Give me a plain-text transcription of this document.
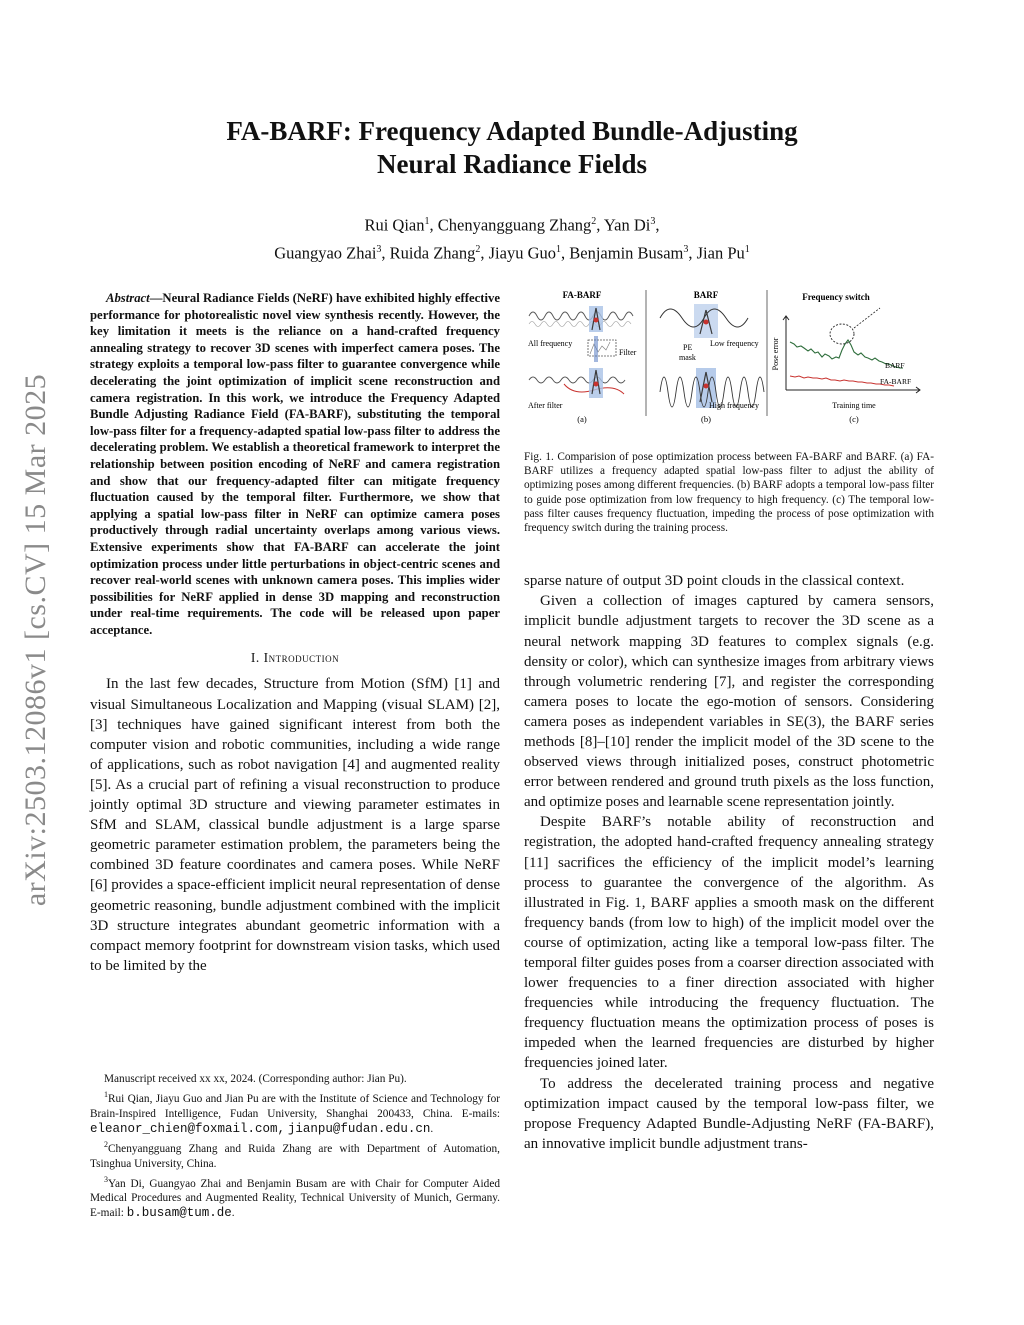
arXiv:2503.12086v1 [cs.CV] 15 Mar 2025
FA-BARF: Frequency Adapted Bundle-Adjusting
Neural Radiance Fields
Rui Qian$^1$, Chenyangguang Zhang$^2$, Yan Di$^3$,
Guangyao Zhai$^3$, Ruida Zhang$^2$, Jiayu Guo$^1$, Benjamin Busam$^3$, Jian Pu$^1$

Abstract—Neural Radiance Fields (NeRF) have exhibited highly effective performance for photorealistic novel view synthesis recently. However, the key limitation it meets is the reliance on a hand-crafted frequency annealing strategy to recover 3D scenes with imperfect camera poses. The strategy exploits a temporal low-pass filter to guarantee convergence while decelerating the joint optimization of implicit scene reconstruction and camera registration. In this work, we introduce the Frequency Adapted Bundle Adjusting Radiance Field (FA-BARF), substituting the temporal low-pass filter for a frequency-adapted spatial low-pass filter to address the decelerating problem. We establish a theoretical framework to interpret the relationship between position encoding of NeRF and camera registration and show that our frequency-adapted filter can mitigate frequency fluctuation caused by the temporal filter. Furthermore, we show that applying a spatial low-pass filter in NeRF can optimize camera poses productively through radial uncertainty overlaps among various views. Extensive experiments show that FA-BARF can accelerate the joint optimization process under little perturbations in object-centric scenes and recover real-world scenes with unknown camera poses. This implies wider possibilities for NeRF applied in dense 3D mapping and reconstruction under real-time requirements. The code will be released upon paper acceptance.

I. Introduction

In the last few decades, Structure from Motion (SfM) [1] and visual Simultaneous Localization and Mapping (visual SLAM) [2], [3] techniques have gained significant interest from both the computer vision and robotic communities, including a wide range of applications, such as robot navigation [4] and augmented reality [5]. As a crucial part of refining a visual reconstruction to produce jointly optimal 3D structure and viewing parameter estimates in SfM and SLAM, classical bundle adjustment is a large sparse geometric parameter estimation problem, the parameters being the combined 3D feature coordinates and camera poses. While NeRF [6] provides a space-efficient implicit neural representation of dense geometric reasoning, bundle adjustment combined with the implicit 3D structure integrates abundant geometric information with a compact memory footprint for downstream vision tasks, which used to be limited by the

Manuscript received xx xx, 2024. (Corresponding author: Jian Pu).

$^1$Rui Qian, Jiayu Guo and Jian Pu are with the Institute of Science and Technology for Brain-Inspired Intelligence, Fudan University, Shanghai 200433, China. E-mails: eleanor_chien@foxmail.com, jianpu@fudan.edu.cn.

$^2$Chenyangguang Zhang and Ruida Zhang are with Department of Automation, Tsinghua University, China.

$^3$Yan Di, Guangyao Zhai and Benjamin Busam are with Chair for Computer Aided Medical Procedures and Augmented Reality, Technical University of Munich, Germany. E-mail: b.busam@tum.de.

FA-BARF
All frequency
Filter
After filter
(a)
BARF
PE
mask
Low frequency
High frequency
(b)
Frequency switch
Pose error	BARF
FA-BARF
Training time
(c)
Fig. 1. Comparision of pose optimization process between FA-BARF and BARF. (a) FA-BARF utilizes a frequency adapted spatial low-pass filter to adjust the ability of optimizing poses among different frequencies. (b) BARF adopts a temporal low-pass filter to guide pose optimization from low frequency to high frequency. (c) The temporal low-pass filter causes frequency fluctuation, impeding the process of pose optimization with frequency switch during the training process.

sparse nature of output 3D point clouds in the classical context.

Given a collection of images captured by camera sensors, implicit bundle adjustment targets to recover the 3D scene as a neural network mapping 3D features to complex signals (e.g. density or color), which can synthesize images from arbitrary views through volumetric rendering [7], and register the corresponding camera poses to locate the ego-motion of sensors. Considering camera poses as independent variables in SE(3), the BARF series methods [8]–[10] render the implicit model of the 3D scene to the observed views through initialized poses, construct photometric error between rendered and ground truth pixels as the loss function, and optimize poses and learnable scene representation jointly.

Despite BARF’s notable ability of reconstruction and registration, the adopted hand-crafted frequency annealing strategy [11] sacrifices the efficiency of the implicit model’s learning process to guarantee the convergence of the algorithm. As illustrated in Fig. 1, BARF applies a smooth mask on the different frequency bands (from low to high) of the implicit model over the course of optimization, acting like a temporal low-pass filter. The temporal filter guides poses from a coarser direction associated with lower frequencies to a finer direction associated with higher frequencies while introducing the frequency fluctuation. The frequency fluctuation means the optimization process of poses is impeded when the learned frequencies are disturbed by higher frequencies joined later.

To address the decelerated training process and negative optimization impact caused by the temporal low-pass filter, we propose Frequency Adapted Bundle-Adjusting NeRF (FA-BARF), an innovative implicit bundle adjustment trans-
